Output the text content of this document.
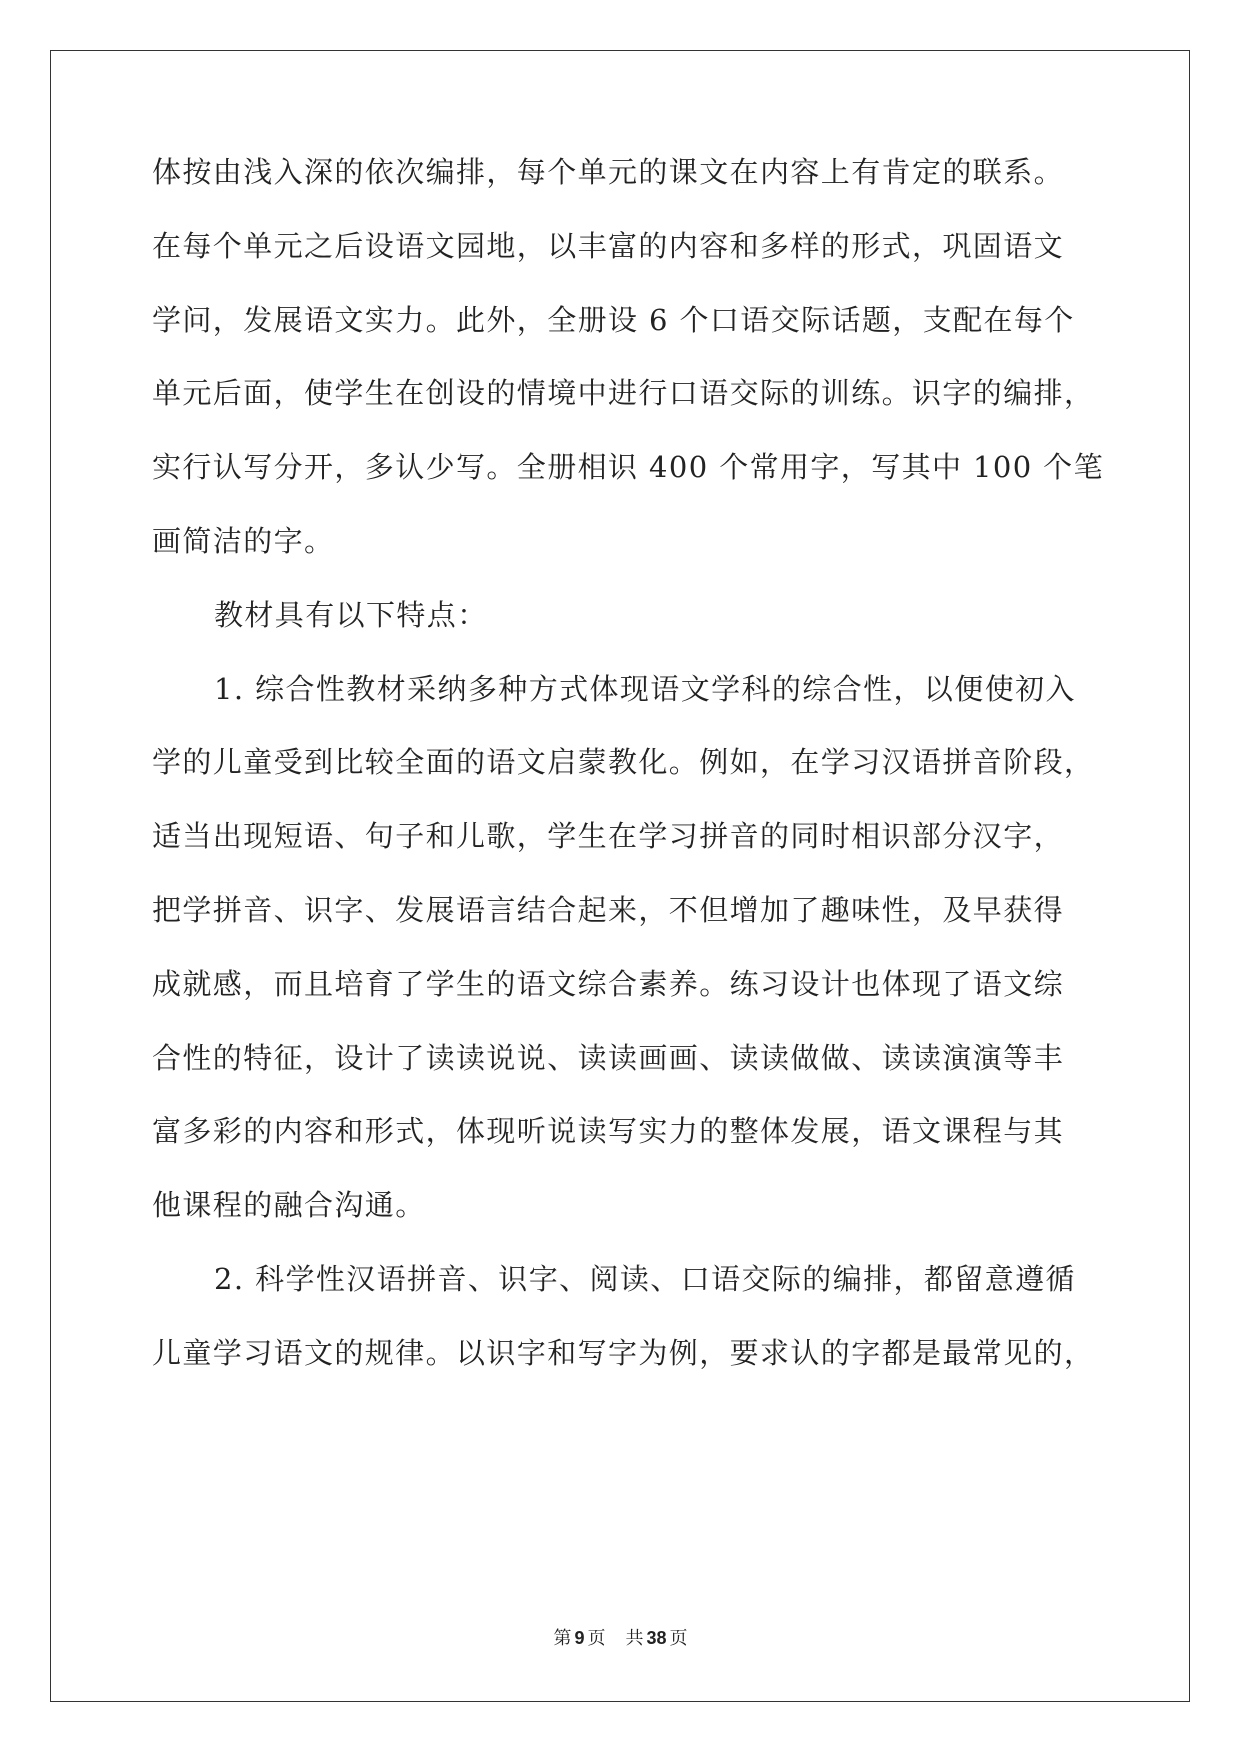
体按由浅入深的依次编排，每个单元的课文在内容上有肯定的联系。
在每个单元之后设语文园地，以丰富的内容和多样的形式，巩固语文
学问，发展语文实力。此外，全册设 6 个口语交际话题，支配在每个
单元后面，使学生在创设的情境中进行口语交际的训练。识字的编排，
实行认写分开，多认少写。全册相识 400 个常用字，写其中 100 个笔
画简洁的字。
教材具有以下特点：
1. 综合性教材采纳多种方式体现语文学科的综合性，以便使初入
学的儿童受到比较全面的语文启蒙教化。例如，在学习汉语拼音阶段，
适当出现短语、句子和儿歌，学生在学习拼音的同时相识部分汉字，
把学拼音、识字、发展语言结合起来，不但增加了趣味性，及早获得
成就感，而且培育了学生的语文综合素养。练习设计也体现了语文综
合性的特征，设计了读读说说、读读画画、读读做做、读读演演等丰
富多彩的内容和形式，体现听说读写实力的整体发展，语文课程与其
他课程的融合沟通。
2. 科学性汉语拼音、识字、阅读、口语交际的编排，都留意遵循
儿童学习语文的规律。以识字和写字为例，要求认的字都是最常见的，
第 9 页 共 38 页
